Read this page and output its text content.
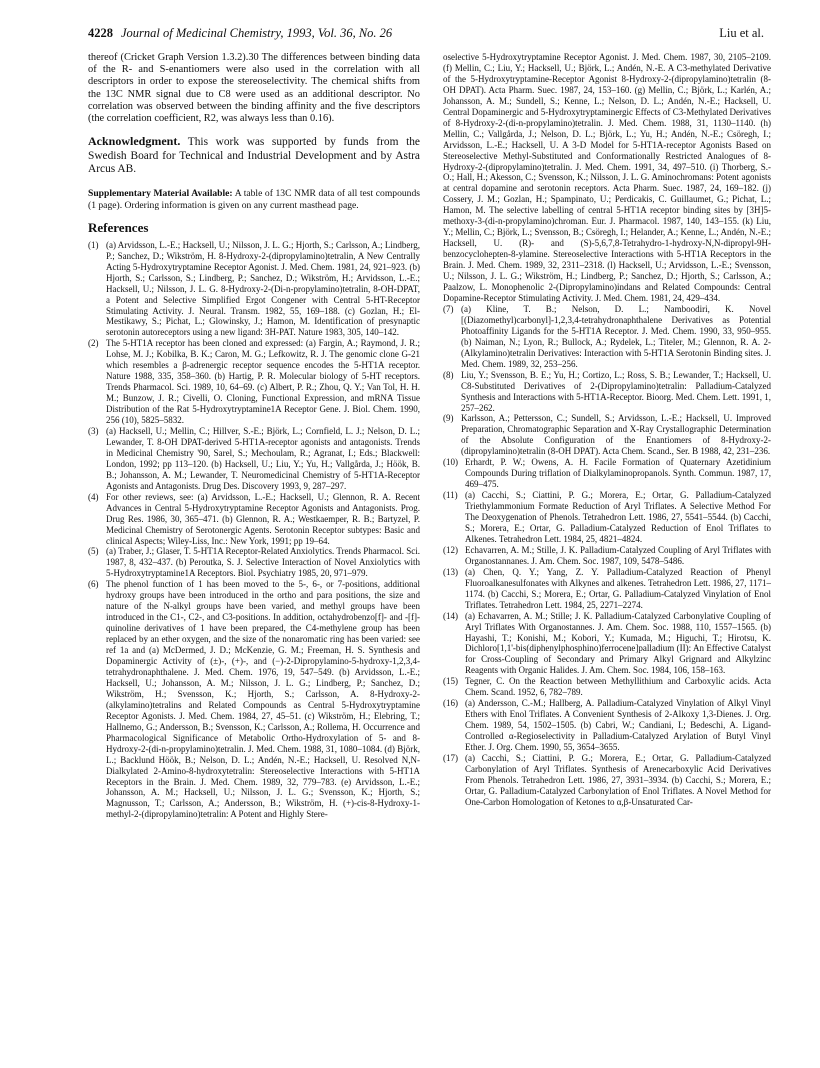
4228 Journal of Medicinal Chemistry, 1993, Vol. 36, No. 26	Liu et al.

thereof (Cricket Graph Version 1.3.2).30 The differences between binding data of the R- and S-enantiomers were also used in the correlation with all descriptors in order to expose the stereoselectivity. The chemical shifts from the 13C NMR signal due to C8 were used as an additional descriptor. No correlation was observed between the binding affinity and the five descriptors (the correlation coefficient, R2, was always less than 0.16).

Acknowledgment. This work was supported by funds from the Swedish Board for Technical and Industrial Development and by Astra Arcus AB.

Supplementary Material Available: A table of 13C NMR data of all test compounds (1 page). Ordering information is given on any current masthead page.

References
(1) (a) Arvidsson, L.-E.; Hacksell, U.; Nilsson, J. L. G.; Hjorth, S.; Carlsson, A.; Lindberg, P.; Sanchez, D.; Wikström, H. 8-Hydroxy-2-(dipropylamino)tetralin, A New Centrally Acting 5-Hydroxytryptamine Receptor Agonist. J. Med. Chem. 1981, 24, 921–923. (b) Hjorth, S.; Carlsson, S.; Lindberg, P.; Sanchez, D.; Wikström, H.; Arvidsson, L.-E.; Hacksell, U.; Nilsson, J. L. G. 8-Hydroxy-2-(Di-n-propylamino)tetralin, 8-OH-DPAT, a Potent and Selective Simplified Ergot Congener with Central 5-HT-Receptor Stimulating Activity. J. Neural. Transm. 1982, 55, 169–188. (c) Gozlan, H.; El-Mestikawy, S.; Pichat, L.; Glowinsky, J.; Hamon, M. Identification of presynaptic serotonin autoreceptors using a new ligand: 3H-PAT. Nature 1983, 305, 140–142.
(2) The 5-HT1A receptor has been cloned and expressed: (a) Fargin, A.; Raymond, J. R.; Lohse, M. J.; Kobilka, B. K.; Caron, M. G.; Lefkowitz, R. J. The genomic clone G-21 which resembles a β-adrenergic receptor sequence encodes the 5-HT1A receptor. Nature 1988, 335, 358–360. (b) Hartig, P. R. Molecular biology of 5-HT receptors. Trends Pharmacol. Sci. 1989, 10, 64–69. (c) Albert, P. R.; Zhou, Q. Y.; Van Tol, H. H. M.; Bunzow, J. R.; Civelli, O. Cloning, Functional Expression, and mRNA Tissue Distribution of the Rat 5-Hydroxytryptamine1A Receptor Gene. J. Biol. Chem. 1990, 256 (10), 5825–5832.
(3) (a) Hacksell, U.; Mellin, C.; Hillver, S.-E.; Björk, L.; Cornfield, L. J.; Nelson, D. L.; Lewander, T. 8-OH DPAT-derived 5-HT1A-receptor agonists and antagonists. Trends in Medicinal Chemistry '90, Sarel, S.; Mechoulam, R.; Agranat, I.; Eds.; Blackwell: London, 1992; pp 113–120. (b) Hacksell, U.; Liu, Y.; Yu, H.; Vallgårda, J.; Höök, B. B.; Johansson, A. M.; Lewander, T. Neuromedicinal Chemistry of 5-HT1A-Receptor Agonists and Antagonists. Drug Des. Discovery 1993, 9, 287–297.
(4) For other reviews, see: (a) Arvidsson, L.-E.; Hacksell, U.; Glennon, R. A. Recent Advances in Central 5-Hydroxytryptamine Receptor Agonists and Antagonists. Prog. Drug Res. 1986, 30, 365–471. (b) Glennon, R. A.; Westkaemper, R. B.; Bartyzel, P. Medicinal Chemistry of Serotonergic Agents. Serotonin Receptor subtypes: Basic and clinical Aspects; Wiley-Liss, Inc.: New York, 1991; pp 19–64.
(5) (a) Traber, J.; Glaser, T. 5-HT1A Receptor-Related Anxiolytics. Trends Pharmacol. Sci. 1987, 8, 432–437. (b) Peroutka, S. J. Selective Interaction of Novel Anxiolytics with 5-Hydroxytryptamine1A Receptors. Biol. Psychiatry 1985, 20, 971–979.
(6) The phenol function of 1 has been moved to the 5-, 6-, or 7-positions, additional hydroxy groups have been introduced in the ortho and para positions, the size and nature of the N-alkyl groups have been varied, and methyl groups have been introduced in the C1-, C2-, and C3-positions. In addition, octahydrobenzo[f]- and -[f]-quinoline derivatives of 1 have been prepared, the C4-methylene group has been replaced by an ether oxygen, and the size of the nonaromatic ring has been varied: see ref 1a and (a) McDermed, J. D.; McKenzie, G. M.; Freeman, H. S. Synthesis and Dopaminergic Activity of (±)-, (+)-, and (−)-2-Dipropylamino-5-hydroxy-1,2,3,4-tetrahydronaphthalene. J. Med. Chem. 1976, 19, 547–549. (b) Arvidsson, L.-E.; Hacksell, U.; Johansson, A. M.; Nilsson, J. L. G.; Lindberg, P.; Sanchez, D.; Wikström, H.; Svensson, K.; Hjorth, S.; Carlsson, A. 8-Hydroxy-2-(alkylamino)tetralins and Related Compounds as Central 5-Hydroxytryptamine Receptor Agonists. J. Med. Chem. 1984, 27, 45–51. (c) Wikström, H.; Elebring, T.; Hallnemo, G.; Andersson, B.; Svensson, K.; Carlsson, A.; Rollema, H. Occurrence and Pharmacological Significance of Metabolic Ortho-Hydroxylation of 5- and 8-Hydroxy-2-(di-n-propylamino)tetralin. J. Med. Chem. 1988, 31, 1080–1084. (d) Björk, L.; Backlund Höök, B.; Nelson, D. L.; Andén, N.-E.; Hacksell, U. Resolved N,N-Dialkylated 2-Amino-8-hydroxytetralin: Stereoselective Interactions with 5-HT1A Receptors in the Brain. J. Med. Chem. 1989, 32, 779–783. (e) Arvidsson, L.-E.; Johansson, A. M.; Hacksell, U.; Nilsson, J. L. G.; Svensson, K.; Hjorth, S.; Magnusson, T.; Carlsson, A.; Andersson, B.; Wikström, H. (+)-cis-8-Hydroxy-1-methyl-2-(dipropylamino)tetralin: A Potent and Highly Stere-

oselective 5-Hydroxytryptamine Receptor Agonist. J. Med. Chem. 1987, 30, 2105–2109. (f) Mellin, C.; Liu, Y.; Hacksell, U.; Björk, L.; Andén, N.-E. A C3-methylated Derivative of the 5-Hydroxytryptamine-Receptor Agonist 8-Hydroxy-2-(dipropylamino)tetralin (8-OH DPAT). Acta Pharm. Suec. 1987, 24, 153–160. (g) Mellin, C.; Björk, L.; Karlén, A.; Johansson, A. M.; Sundell, S.; Kenne, L.; Nelson, D. L.; Andén, N.-E.; Hacksell, U. Central Dopaminergic and 5-Hydroxytryptaminergic Effects of C3-Methylated Derivatives of 8-Hydroxy-2-(di-n-propylamino)tetralin. J. Med. Chem. 1988, 31, 1130–1140. (h) Mellin, C.; Vallgårda, J.; Nelson, D. L.; Björk, L.; Yu, H.; Andén, N.-E.; Csöregh, I.; Arvidsson, L.-E.; Hacksell, U. A 3-D Model for 5-HT1A-receptor Agonists Based on Stereoselective Methyl-Substituted and Conformationally Restricted Analogues of 8-Hydroxy-2-(dipropylamino)tetralin. J. Med. Chem. 1991, 34, 497–510. (i) Thorberg, S.-O.; Hall, H.; Akesson, C.; Svensson, K.; Nilsson, J. L. G. Aminochromans: Potent agonists at central dopamine and serotonin receptors. Acta Pharm. Suec. 1987, 24, 169–182. (j) Cossery, J. M.; Gozlan, H.; Spampinato, U.; Perdicakis, C. Guillaumet, G.; Pichat, L.; Hamon, M. The selective labelling of central 5-HT1A receptor binding sites by [3H]5-methoxy-3-(di-n-propylamino)chroman. Eur. J. Pharmacol. 1987, 140, 143–155. (k) Liu, Y.; Mellin, C.; Björk, L.; Svensson, B.; Csöregh, I.; Helander, A.; Kenne, L.; Andén, N.-E.; Hacksell, U. (R)- and (S)-5,6,7,8-Tetrahydro-1-hydroxy-N,N-dipropyl-9H-benzocyclohepten-8-ylamine. Stereoselective Interactions with 5-HT1A Receptors in the Brain. J. Med. Chem. 1989, 32, 2311–2318. (l) Hacksell, U.; Arvidsson, L.-E.; Svensson, U.; Nilsson, J. L. G.; Wikström, H.; Lindberg, P.; Sanchez, D.; Hjorth, S.; Carlsson, A.; Paalzow, L. Monophenolic 2-(Dipropylamino)indans and Related Compounds: Central Dopamine-Receptor Stimulating Activity. J. Med. Chem. 1981, 24, 429–434.

(7) (a) Kline, T. B.; Nelson, D. L.; Namboodiri, K. Novel [(Diazomethyl)carbonyl]-1,2,3,4-tetrahydronaphthalene Derivatives as Potential Photoaffinity Ligands for the 5-HT1A Receptor. J. Med. Chem. 1990, 33, 950–955. (b) Naiman, N.; Lyon, R.; Bullock, A.; Rydelek, L.; Titeler, M.; Glennon, R. A. 2-(Alkylamino)tetralin Derivatives: Interaction with 5-HT1A Serotonin Binding sites. J. Med. Chem. 1989, 32, 253–256.
(8) Liu, Y.; Svensson, B. E.; Yu, H.; Cortizo, L.; Ross, S. B.; Lewander, T.; Hacksell, U. C8-Substituted Derivatives of 2-(Dipropylamino)tetralin: Palladium-Catalyzed Synthesis and Interactions with 5-HT1A-Receptor. Bioorg. Med. Chem. Lett. 1991, 1, 257–262.
(9) Karlsson, A.; Pettersson, C.; Sundell, S.; Arvidsson, L.-E.; Hacksell, U. Improved Preparation, Chromatographic Separation and X-Ray Crystallographic Determination of the Absolute Configuration of the Enantiomers of 8-Hydroxy-2-(dipropylamino)tetralin (8-OH DPAT). Acta Chem. Scand., Ser. B 1988, 42, 231–236.
(10) Erhardt, P. W.; Owens, A. H. Facile Formation of Quaternary Azetidinium Compounds During triflation of Dialkylaminopropanols. Synth. Commun. 1987, 17, 469–475.
(11) (a) Cacchi, S.; Ciattini, P. G.; Morera, E.; Ortar, G. Palladium-Catalyzed Triethylammonium Formate Reduction of Aryl Triflates. A Selective Method For The Deoxygenation of Phenols. Tetrahedron Lett. 1986, 27, 5541–5544. (b) Cacchi, S.; Morera, E.; Ortar, G. Palladium-Catalyzed Reduction of Enol Triflates to Alkenes. Tetrahedron Lett. 1984, 25, 4821–4824.
(12) Echavarren, A. M.; Stille, J. K. Palladium-Catalyzed Coupling of Aryl Triflates with Organostannanes. J. Am. Chem. Soc. 1987, 109, 5478–5486.
(13) (a) Chen, Q. Y.; Yang, Z. Y. Palladium-Catalyzed Reaction of Phenyl Fluoroalkanesulfonates with Alkynes and alkenes. Tetrahedron Lett. 1986, 27, 1171–1174. (b) Cacchi, S.; Morera, E.; Ortar, G. Palladium-Catalyzed Vinylation of Enol Triflates. Tetrahedron Lett. 1984, 25, 2271–2274.
(14) (a) Echavarren, A. M.; Stille; J. K. Palladium-Catalyzed Carbonylative Coupling of Aryl Triflates With Organostannes. J. Am. Chem. Soc. 1988, 110, 1557–1565. (b) Hayashi, T.; Konishi, M.; Kobori, Y.; Kumada, M.; Higuchi, T.; Hirotsu, K. Dichloro[1,1'-bis(diphenylphosphino)ferrocene]palladium (II): An Effective Catalyst for Cross-Coupling of Secondary and Primary Alkyl Grignard and Alkylzinc Reagents with Organic Halides. J. Am. Chem. Soc. 1984, 106, 158–163.
(15) Tegner, C. On the Reaction between Methyllithium and Carboxylic acids. Acta Chem. Scand. 1952, 6, 782–789.
(16) (a) Andersson, C.-M.; Hallberg, A. Palladium-Catalyzed Vinylation of Alkyl Vinyl Ethers with Enol Triflates. A Convenient Synthesis of 2-Alkoxy 1,3-Dienes. J. Org. Chem. 1989, 54, 1502–1505. (b) Cabri, W.; Candiani, I.; Bedeschi, A. Ligand-Controlled α-Regioselectivity in Palladium-Catalyzed Arylation of Butyl Vinyl Ether. J. Org. Chem. 1990, 55, 3654–3655.
(17) (a) Cacchi, S.; Ciattini, P. G.; Morera, E.; Ortar, G. Palladium-Catalyzed Carbonylation of Aryl Triflates. Synthesis of Arenecarboxylic Acid Derivatives From Phenols. Tetrahedron Lett. 1986, 27, 3931–3934. (b) Cacchi, S.; Morera, E.; Ortar, G. Palladium-Catalyzed Carbonylation of Enol Triflates. A Novel Method for One-Carbon Homologation of Ketones to α,β-Unsaturated Car-
